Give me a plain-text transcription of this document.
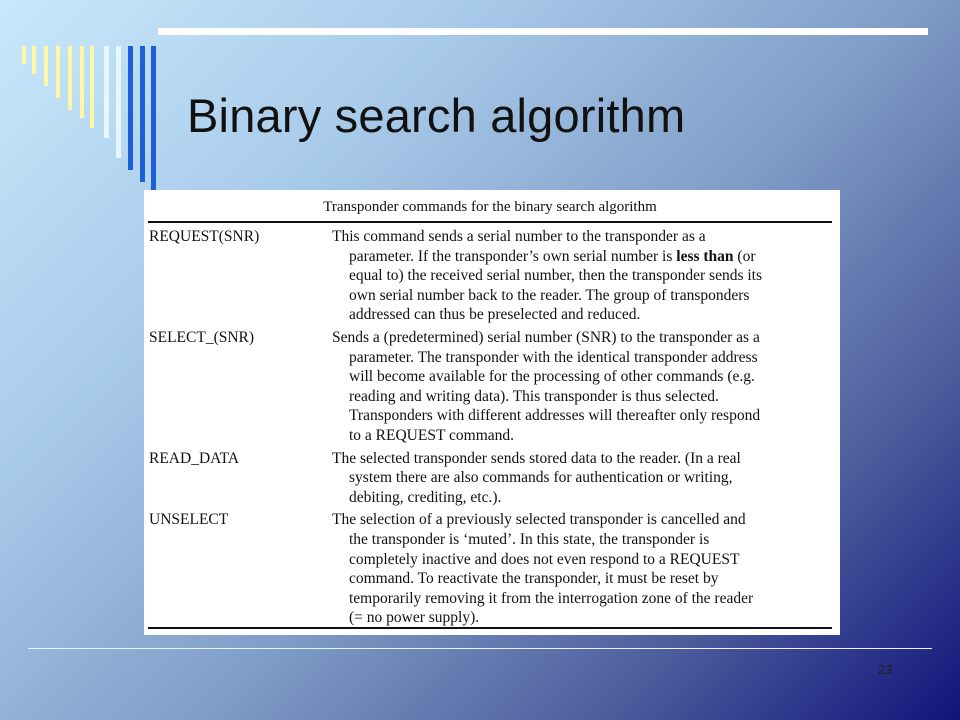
Binary search algorithm
Transponder commands for the binary search algorithm
REQUEST(SNR)	This command sends a serial number to the transponder as a
parameter. If the transponder’s own serial number is less than (or
equal to) the received serial number, then the transponder sends its
own serial number back to the reader. The group of transponders
addressed can thus be preselected and reduced.
SELECT_(SNR)	Sends a (predetermined) serial number (SNR) to the transponder as a
parameter. The transponder with the identical transponder address
will become available for the processing of other commands (e.g.
reading and writing data). This transponder is thus selected.
Transponders with different addresses will thereafter only respond
to a REQUEST command.
READ_DATA	The selected transponder sends stored data to the reader. (In a real
system there are also commands for authentication or writing,
debiting, crediting, etc.).
UNSELECT	The selection of a previously selected transponder is cancelled and
the transponder is ‘muted’. In this state, the transponder is
completely inactive and does not even respond to a REQUEST
command. To reactivate the transponder, it must be reset by
temporarily removing it from the interrogation zone of the reader
(= no power supply).
23
